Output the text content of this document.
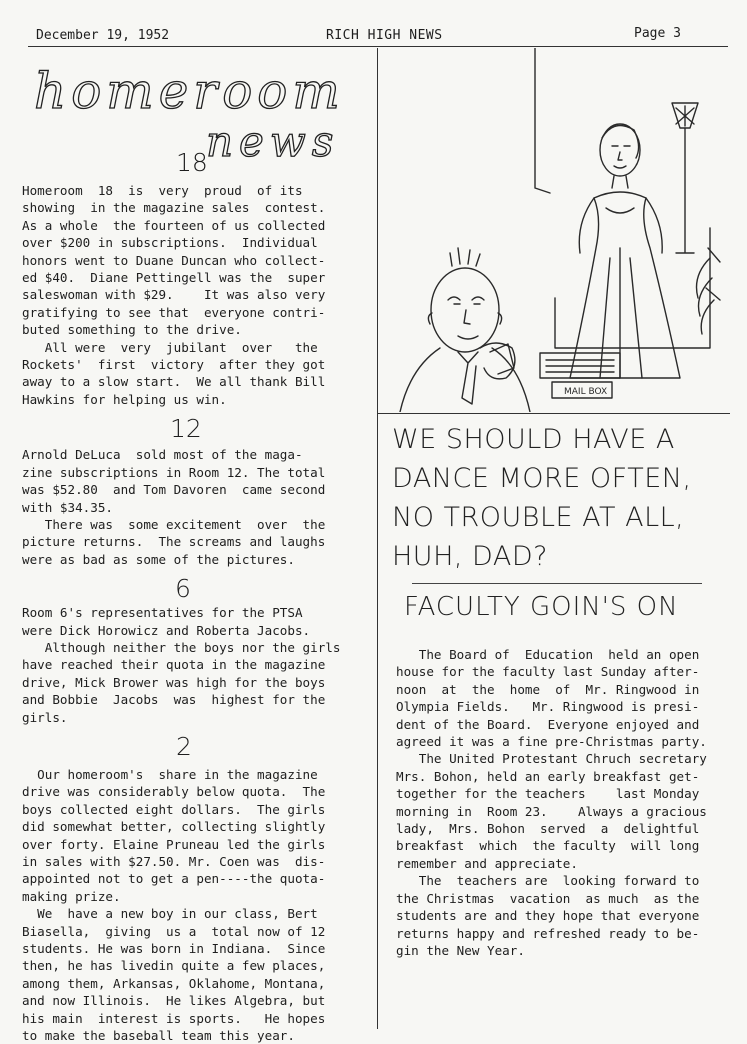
December 19, 1952	RICH HIGH NEWS	Page 3
homeroom
news
18

Homeroom  18  is  very  proud  of its
showing  in the magazine sales  contest.
As a whole  the fourteen of us collected
over $200 in subscriptions.  Individual
honors went to Duane Duncan who collect-
ed $40.  Diane Pettingell was the  super
saleswoman with $29.    It was also very
gratifying to see that  everyone contri-
buted something to the drive.

All were  very  jubilant  over   the
Rockets'  first  victory  after they got
away to a slow start.  We all thank Bill
Hawkins for helping us win.

12

Arnold DeLuca  sold most of the maga-
zine subscriptions in Room 12. The total
was $52.80  and Tom Davoren  came second
with $34.35.

There was  some excitement  over  the
picture returns.  The screams and laughs
were as bad as some of the pictures.

6

Room 6's representatives for the PTSA
were Dick Horowicz and Roberta Jacobs.
Although neither the boys nor the girls
have reached their quota in the magazine
drive, Mick Brower was high for the boys
and Bobbie  Jacobs  was  highest for the
girls.

2

Our homeroom's  share in the magazine
drive was considerably below quota.  The
boys collected eight dollars.  The girls
did somewhat better, collecting slightly
over forty. Elaine Pruneau led the girls
in sales with $27.50. Mr. Coen was  dis-
appointed not to get a pen----the quota-
making prize.

We  have a new boy in our class, Bert
Biasella,  giving  us a  total now of 12
students. He was born in Indiana.  Since
then, he has livedin quite a few places,
among them, Arkansas, Oklahome, Montana,
and now Illinois.  He likes Algebra, but
his main  interest is sports.   He hopes
to make the baseball team this year.

MAIL BOX
WE SHOULD HAVE A
DANCE MORE OFTEN,
NO TROUBLE AT ALL,
HUH, DAD?
FACULTY GOIN'S ON

The Board of  Education  held an open
house for the faculty last Sunday after-
noon  at  the  home  of  Mr. Ringwood in
Olympia Fields.   Mr. Ringwood is presi-
dent of the Board.  Everyone enjoyed and
agreed it was a fine pre-Christmas party.

The United Protestant Chruch secretary
Mrs. Bohon, held an early breakfast get-
together for the teachers    last Monday
morning in  Room 23.    Always a gracious
lady,  Mrs. Bohon  served  a  delightful
breakfast  which  the faculty  will long
remember and appreciate.

The  teachers are  looking forward to
the Christmas  vacation  as much  as the
students are and they hope that everyone
returns happy and refreshed ready to be-
gin the New Year.
